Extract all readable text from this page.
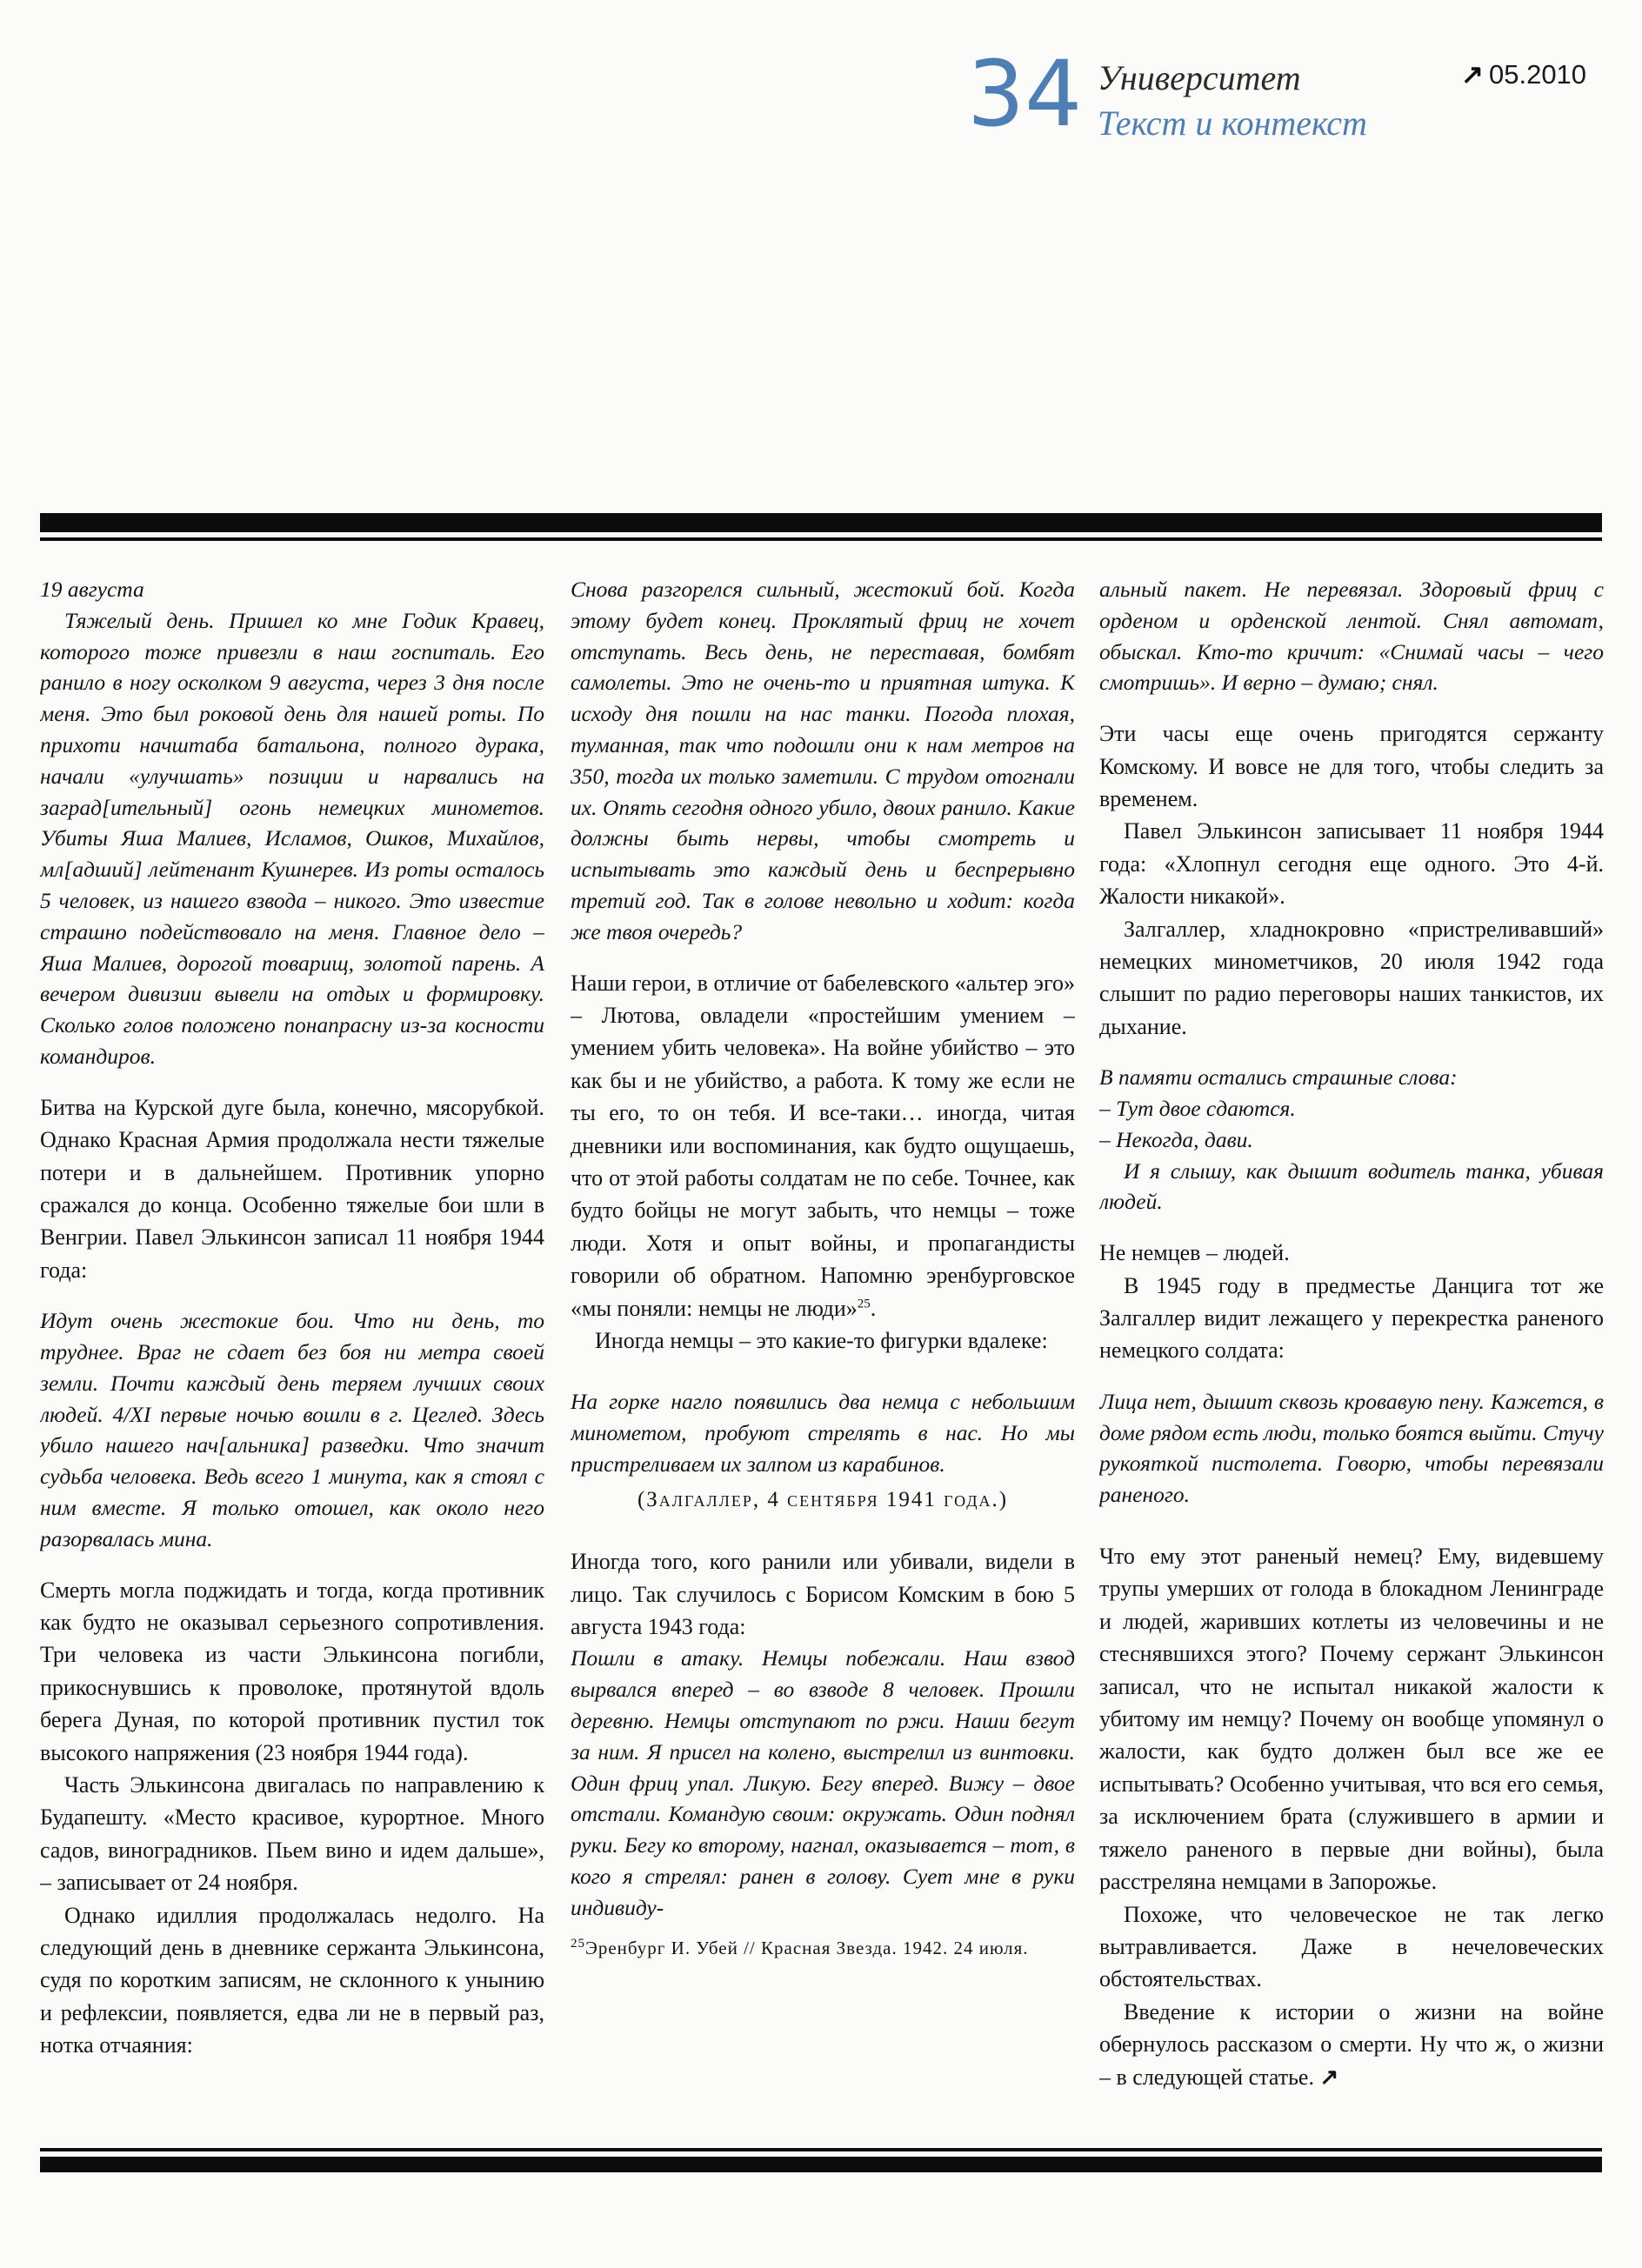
34 Университет
Текст и контекст
↗ 05.2010

19 августа

Тяжелый день. Пришел ко мне Годик Кравец, которого тоже привезли в наш госпиталь. Его ранило в ногу осколком 9 августа, через 3 дня после меня. Это был роковой день для нашей роты. По прихоти начштаба батальона, полного дурака, начали «улучшать» позиции и нарвались на заград[ительный] огонь немецких минометов. Убиты Яша Малиев, Исламов, Ошков, Михайлов, мл[адший] лейтенант Кушнерев. Из роты осталось 5 человек, из нашего взвода – никого. Это известие страшно подействовало на меня. Главное дело – Яша Малиев, дорогой товарищ, золотой парень. А вечером дивизии вывели на отдых и формировку. Сколько голов положено понапрасну из-за косности командиров.

Битва на Курской дуге была, конечно, мясорубкой. Однако Красная Армия продолжала нести тяжелые потери и в дальнейшем. Противник упорно сражался до конца. Особенно тяжелые бои шли в Венгрии. Павел Элькинсон записал 11 ноября 1944 года:

Идут очень жестокие бои. Что ни день, то труднее. Враг не сдает без боя ни метра своей земли. Почти каждый день теряем лучших своих людей. 4/XI первые ночью вошли в г. Цеглед. Здесь убило нашего нач[альника] разведки. Что значит судьба человека. Ведь всего 1 минута, как я стоял с ним вместе. Я только отошел, как около него разорвалась мина.

Смерть могла поджидать и тогда, когда противник как будто не оказывал серьезного сопротивления. Три человека из части Элькинсона погибли, прикоснувшись к проволоке, протянутой вдоль берега Дуная, по которой противник пустил ток высокого напряжения (23 ноября 1944 года).

Часть Элькинсона двигалась по направлению к Будапешту. «Место красивое, курортное. Много садов, виноградников. Пьем вино и идем дальше», – записывает от 24 ноября.

Однако идиллия продолжалась недолго. На следующий день в дневнике сержанта Элькинсона, судя по коротким записям, не склонного к унынию и рефлексии, появляется, едва ли не в первый раз, нотка отчаяния:

Снова разгорелся сильный, жестокий бой. Когда этому будет конец. Проклятый фриц не хочет отступать. Весь день, не переставая, бомбят самолеты. Это не очень-то и приятная штука. К исходу дня пошли на нас танки. Погода плохая, туманная, так что подошли они к нам метров на 350, тогда их только заметили. С трудом отогнали их. Опять сегодня одного убило, двоих ранило. Какие должны быть нервы, чтобы смотреть и испытывать это каждый день и беспрерывно третий год. Так в голове невольно и ходит: когда же твоя очередь?

Наши герои, в отличие от бабелевского «альтер эго» – Лютова, овладели «простейшим умением – умением убить человека». На войне убийство – это как бы и не убийство, а работа. К тому же если не ты его, то он тебя. И все-таки… иногда, читая дневники или воспоминания, как будто ощущаешь, что от этой работы солдатам не по себе. Точнее, как будто бойцы не могут забыть, что немцы – тоже люди. Хотя и опыт войны, и пропагандисты говорили об обратном. Напомню эренбурговское «мы поняли: немцы не люди»$^{25}$.

Иногда немцы – это какие-то фигурки вдалеке:

На горке нагло появились два немца с небольшим минометом, пробуют стрелять в нас. Но мы пристреливаем их залпом из карабинов.

(Залгаллер, 4 сентября 1941 года.)

Иногда того, кого ранили или убивали, видели в лицо. Так случилось с Борисом Комским в бою 5 августа 1943 года:

Пошли в атаку. Немцы побежали. Наш взвод вырвался вперед – во взводе 8 человек. Прошли деревню. Немцы отступают по ржи. Наши бегут за ним. Я присел на колено, выстрелил из винтовки. Один фриц упал. Ликую. Бегу вперед. Вижу – двое отстали. Командую своим: окружать. Один поднял руки. Бегу ко второму, нагнал, оказывается – тот, в кого я стрелял: ранен в голову. Сует мне в руки индивиду-

$^{25}$Эренбург И. Убей // Красная Звезда. 1942. 24 июля.

альный пакет. Не перевязал. Здоровый фриц с орденом и орденской лентой. Снял автомат, обыскал. Кто-то кричит: «Снимай часы – чего смотришь». И верно – думаю; снял.

Эти часы еще очень пригодятся сержанту Комскому. И вовсе не для того, чтобы следить за временем.

Павел Элькинсон записывает 11 ноября 1944 года: «Хлопнул сегодня еще одного. Это 4-й. Жалости никакой».

Залгаллер, хладнокровно «пристреливавший» немецких минометчиков, 20 июля 1942 года слышит по радио переговоры наших танкистов, их дыхание.

В памяти остались страшные слова:

– Тут двое сдаются.

– Некогда, дави.

И я слышу, как дышит водитель танка, убивая людей.

Не немцев – людей.

В 1945 году в предместье Данцига тот же Залгаллер видит лежащего у перекрестка раненого немецкого солдата:

Лица нет, дышит сквозь кровавую пену. Кажется, в доме рядом есть люди, только боятся выйти. Стучу рукояткой пистолета. Говорю, чтобы перевязали раненого.

Что ему этот раненый немец? Ему, видевшему трупы умерших от голода в блокадном Ленинграде и людей, жаривших котлеты из человечины и не стеснявшихся этого? Почему сержант Элькинсон записал, что не испытал никакой жалости к убитому им немцу? Почему он вообще упомянул о жалости, как будто должен был все же ее испытывать? Особенно учитывая, что вся его семья, за исключением брата (служившего в армии и тяжело раненого в первые дни войны), была расстреляна немцами в Запорожье.

Похоже, что человеческое не так легко вытравливается. Даже в нечеловеческих обстоятельствах.

Введение к истории о жизни на войне обернулось рассказом о смерти. Ну что ж, о жизни – в следующей статье. ↗
